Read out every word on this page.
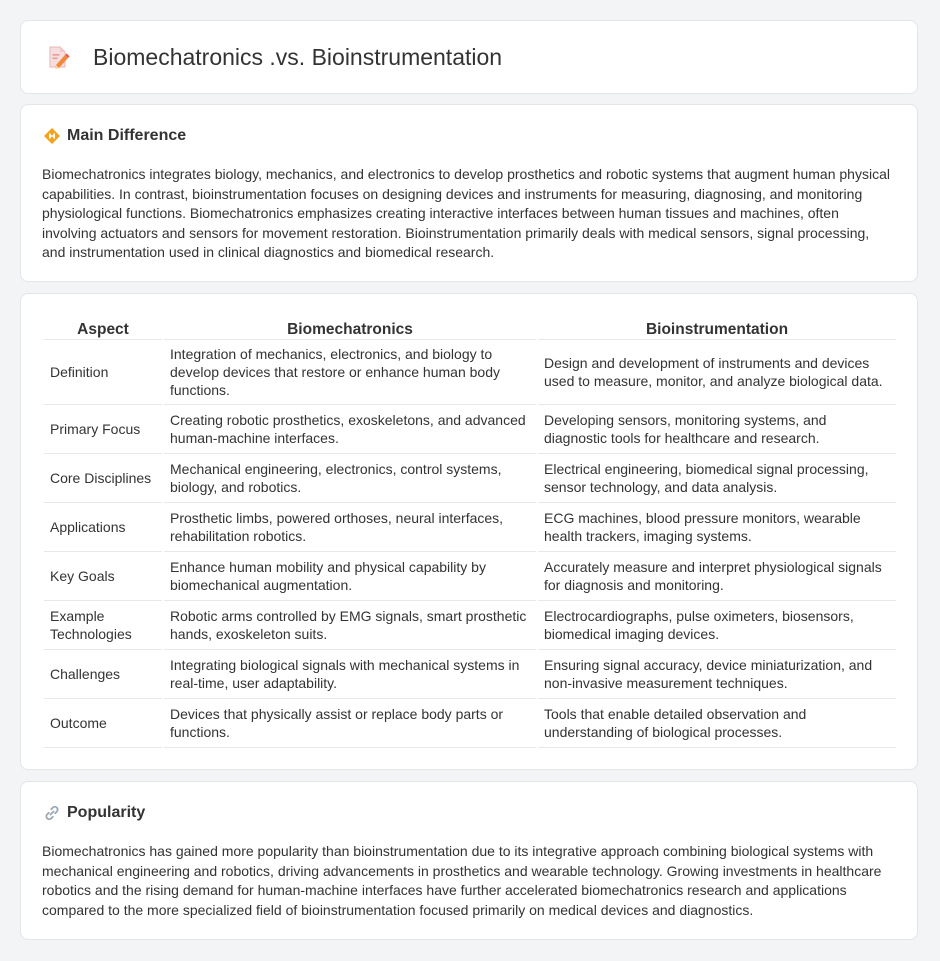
Biomechatronics .vs. Bioinstrumentation
Main Difference

Biomechatronics integrates biology, mechanics, and electronics to develop prosthetics and robotic systems that augment human physical capabilities. In contrast, bioinstrumentation focuses on designing devices and instruments for measuring, diagnosing, and monitoring physiological functions. Biomechatronics emphasizes creating interactive interfaces between human tissues and machines, often involving actuators and sensors for movement restoration. Bioinstrumentation primarily deals with medical sensors, signal processing, and instrumentation used in clinical diagnostics and biomedical research.

Aspect	Biomechatronics	Bioinstrumentation
Definition	Integration of mechanics, electronics, and biology to develop devices that restore or enhance human body functions.	Design and development of instruments and devices used to measure, monitor, and analyze biological data.
Primary Focus	Creating robotic prosthetics, exoskeletons, and advanced human-machine interfaces.	Developing sensors, monitoring systems, and diagnostic tools for healthcare and research.
Core Disciplines	Mechanical engineering, electronics, control systems, biology, and robotics.	Electrical engineering, biomedical signal processing, sensor technology, and data analysis.
Applications	Prosthetic limbs, powered orthoses, neural interfaces, rehabilitation robotics.	ECG machines, blood pressure monitors, wearable health trackers, imaging systems.
Key Goals	Enhance human mobility and physical capability by biomechanical augmentation.	Accurately measure and interpret physiological signals for diagnosis and monitoring.
Example Technologies	Robotic arms controlled by EMG signals, smart prosthetic hands, exoskeleton suits.	Electrocardiographs, pulse oximeters, biosensors, biomedical imaging devices.
Challenges	Integrating biological signals with mechanical systems in real-time, user adaptability.	Ensuring signal accuracy, device miniaturization, and non-invasive measurement techniques.
Outcome	Devices that physically assist or replace body parts or functions.	Tools that enable detailed observation and understanding of biological processes.
Popularity

Biomechatronics has gained more popularity than bioinstrumentation due to its integrative approach combining biological systems with mechanical engineering and robotics, driving advancements in prosthetics and wearable technology. Growing investments in healthcare robotics and the rising demand for human-machine interfaces have further accelerated biomechatronics research and applications compared to the more specialized field of bioinstrumentation focused primarily on medical devices and diagnostics.
